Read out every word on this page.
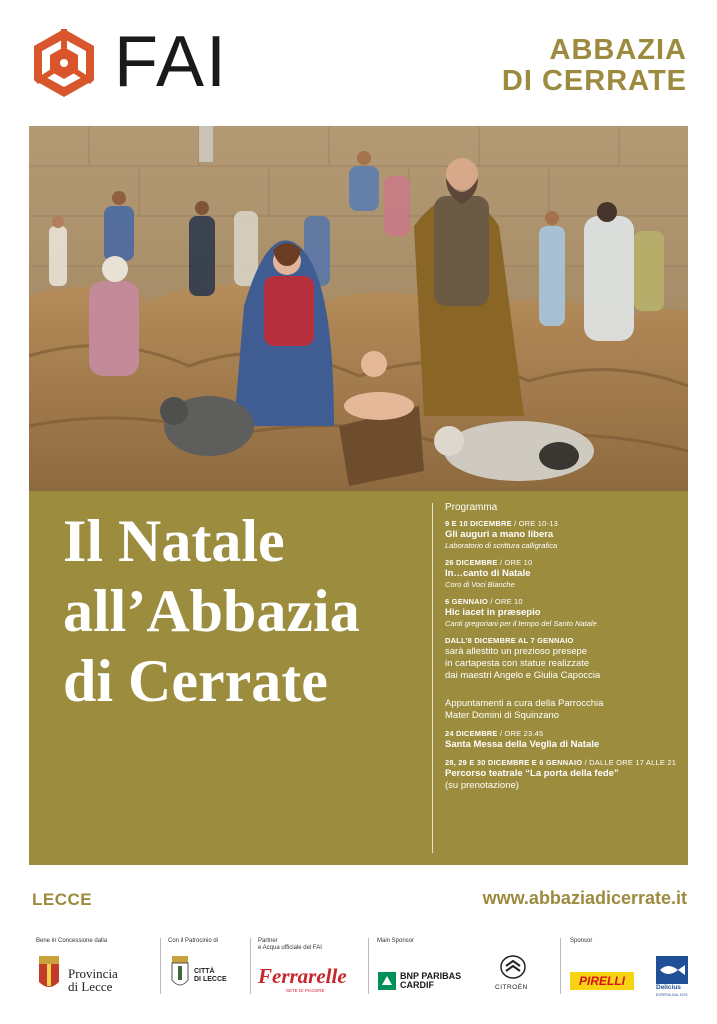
FAI	ABBAZIA
DI CERRATE
Il Natale
all’Abbazia
di Cerrate
Programma
9 E 10 DICEMBRE / ORE 10-13
Gli auguri a mano libera
Laboratorio di scrittura calligrafica
26 DICEMBRE / ORE 10
In…canto di Natale
Coro di Voci Bianche
6 GENNAIO / ORE 10
Hic iacet in præsepio
Canti gregoriani per il tempo del Santo Natale
DALL’8 DICEMBRE AL 7 GENNAIO
sarà allestito un prezioso presepe
in cartapesta con statue realizzate
dai maestri Angelo e Giulia Capoccia
Appuntamenti a cura della Parrocchia
Mater Domini di Squinzano
24 DICEMBRE / ORE 23.45
Santa Messa della Veglia di Natale
28, 29 E 30 DICEMBRE E 6 GENNAIO / DALLE ORE 17 ALLE 21
Percorso teatrale “La porta della fede”
(su prenotazione)
LECCE	www.abbaziadicerrate.it
Bene in Concessione dalla	Con il Patrocinio di	Partner
e Acqua ufficiale del FAI
Main Sponsor	Sponsor
Provincia
di Lecce
CITTÀ
DI LECCE Ferrarelle
SETE DI PIACERE
BNP PARIBAS
CARDIF	CITROËN	PIRELLI	Delicius
ESPERIA DAL 1976
